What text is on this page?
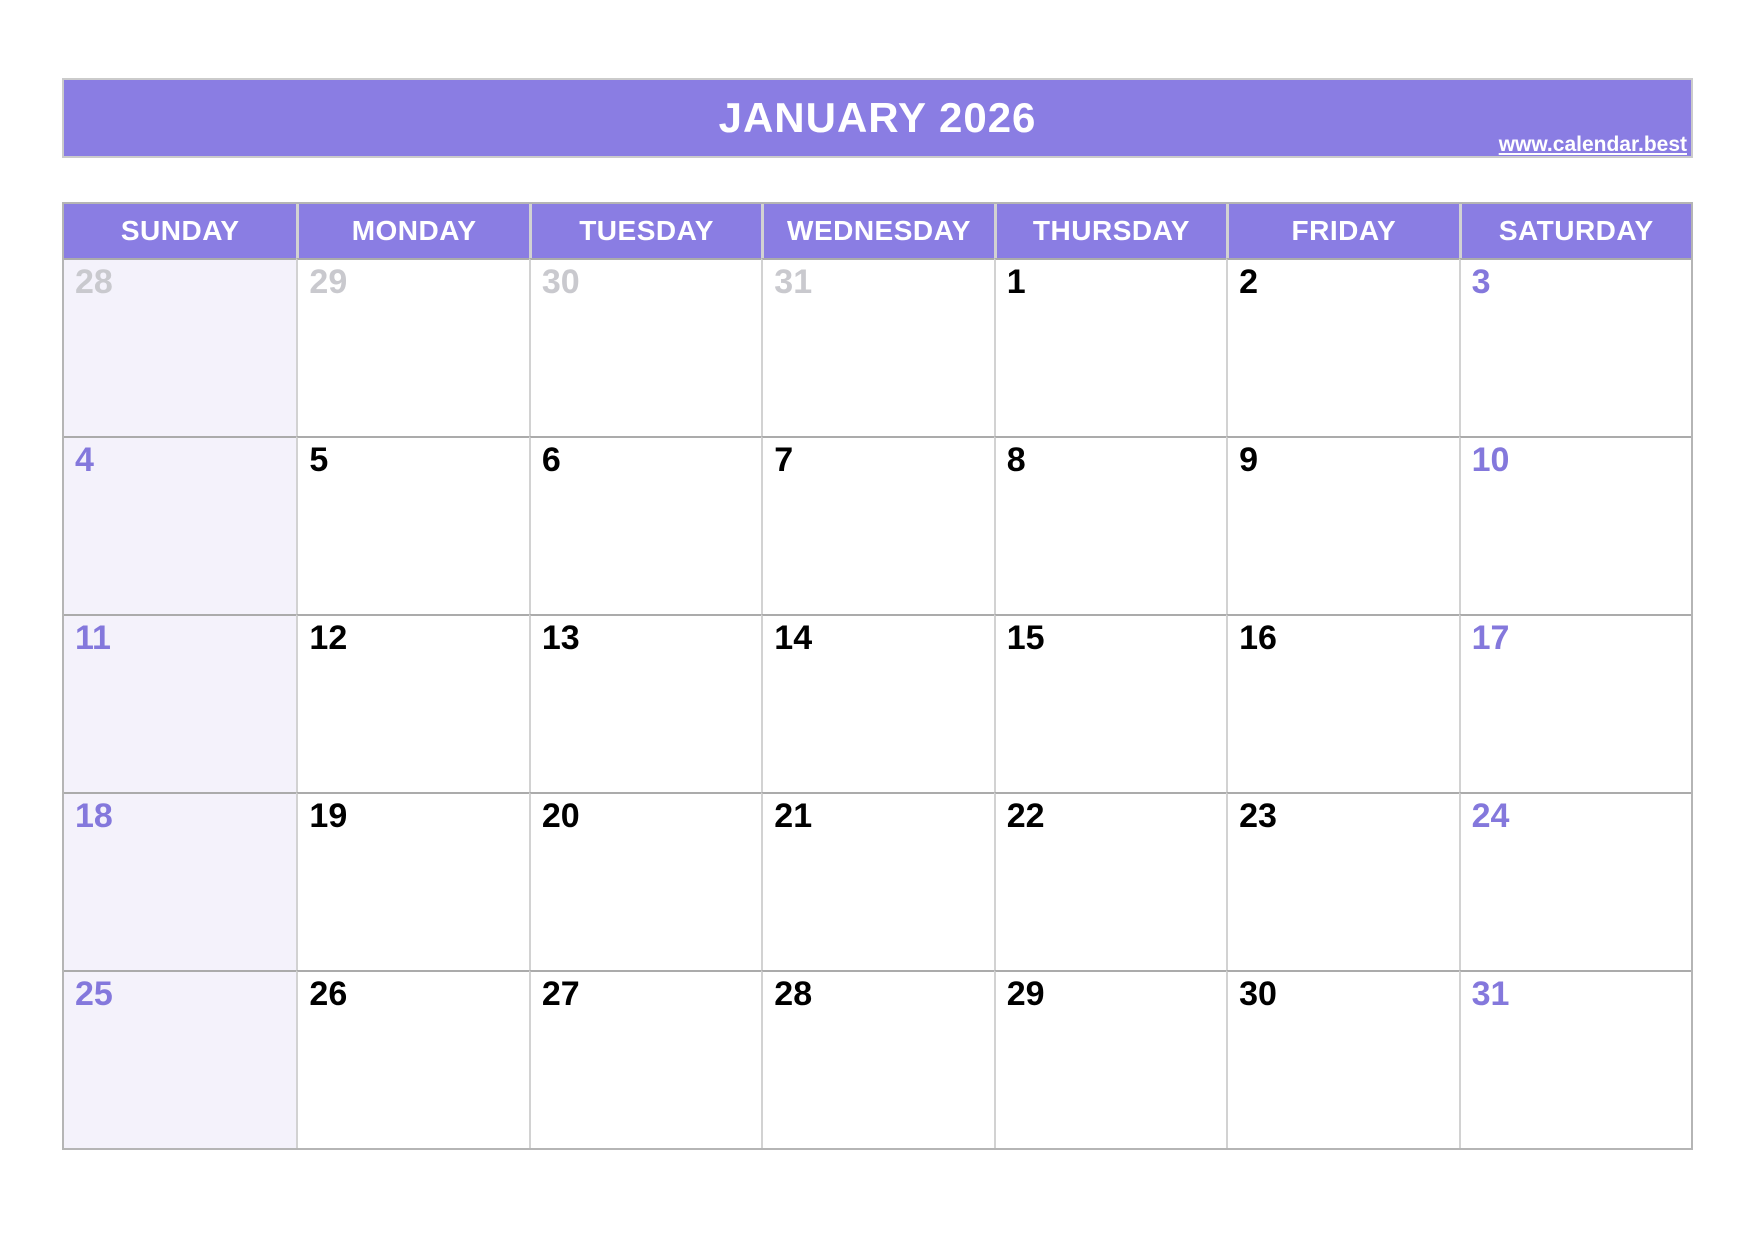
JANUARY 2026
www.calendar.best
SUNDAY	MONDAY	TUESDAY	WEDNESDAY	THURSDAY	FRIDAY	SATURDAY
28	29	30	31	1	2	3
4	5	6	7	8	9	10
11	12	13	14	15	16	17
18	19	20	21	22	23	24
25	26	27	28	29	30	31
